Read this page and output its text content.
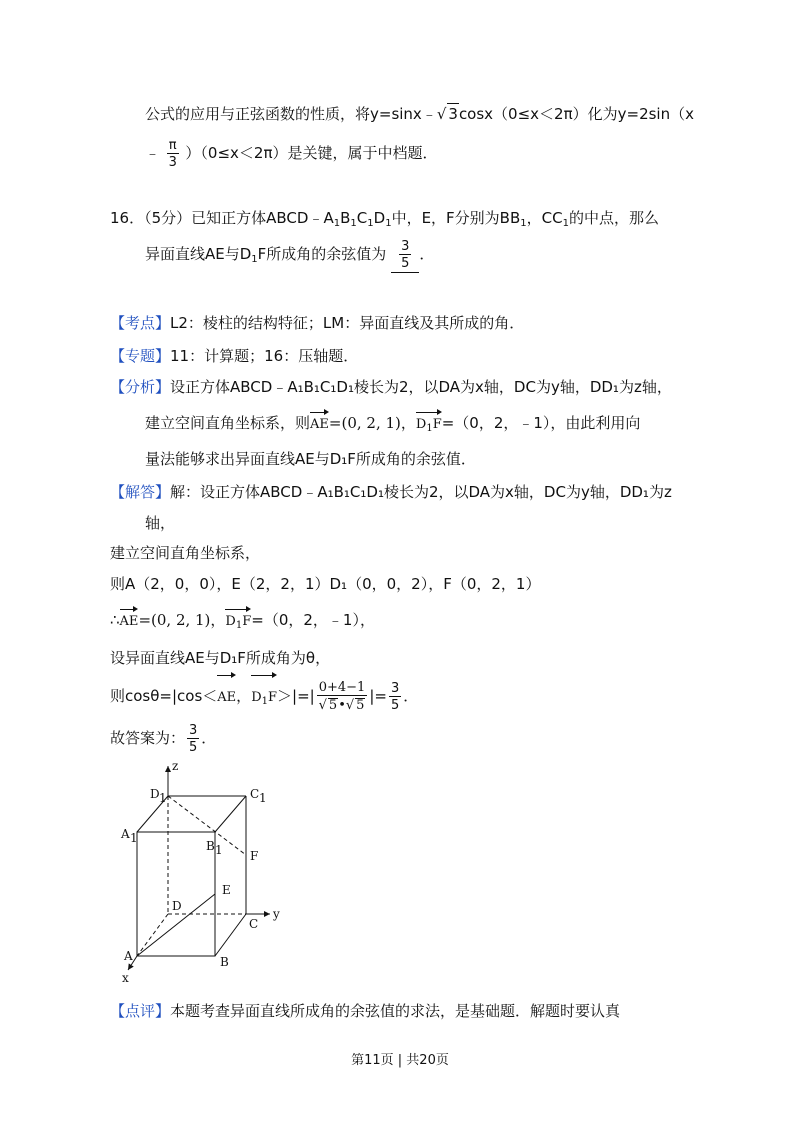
公式的应用与正弦函数的性质，将y=sinx﹣√ 3cosx（0≤x＜2π）化为y=2sin（x
﹣ $\frac{\pi}{3} )(0\le x<2\pi)$是关键，属于中档题．
16．（5分）已知正方体$ABCD﹣A_1B_1C_1D_1$中，E，F分别为$BB_1$，$CC_1$的中点，那么
异面直线AE与$D_1F$所成角的余弦值为 $\frac{3}{5}$ ．
【考点】L2：棱柱的结构特征；LM：异面直线及其所成的角．
【专题】11：计算题；16：压轴题．
【分析】设正方体ABCD﹣A₁B₁C₁D₁棱长为2，以DA为x轴，DC为y轴，DD₁为z轴，
建立空间直角坐标系，则AE=(0, 2, 1)，$D_1F=(0$，2，﹣1），由此利用向
量法能够求出异面直线AE与D₁F所成角的余弦值．
【解答】解：设正方体ABCD﹣A₁B₁C₁D₁棱长为2，以DA为x轴，DC为y轴，DD₁为z
轴，
建立空间直角坐标系，
则A（2，0，0），E（2，2，1）D₁（0，0，2），F（0，2，1）
∴AE=(0, 2, 1)，$D_1F=(0$，2，﹣1），
设异面直线AE与D₁F所成角为θ，
则cosθ=|cos＜AE，$D_1F>|=| \frac{0+4-1}{√ 5•√ 5}$ |= $\frac{3}{5}$ ．
故答案为： $\frac{3}{5}$ ．
z
y
x
D 1	C 1
A 1
B 1 F
E
D
C
A	B
【点评】本题考查异面直线所成角的余弦值的求法，是基础题．解题时要认真
第11页 | 共20页
